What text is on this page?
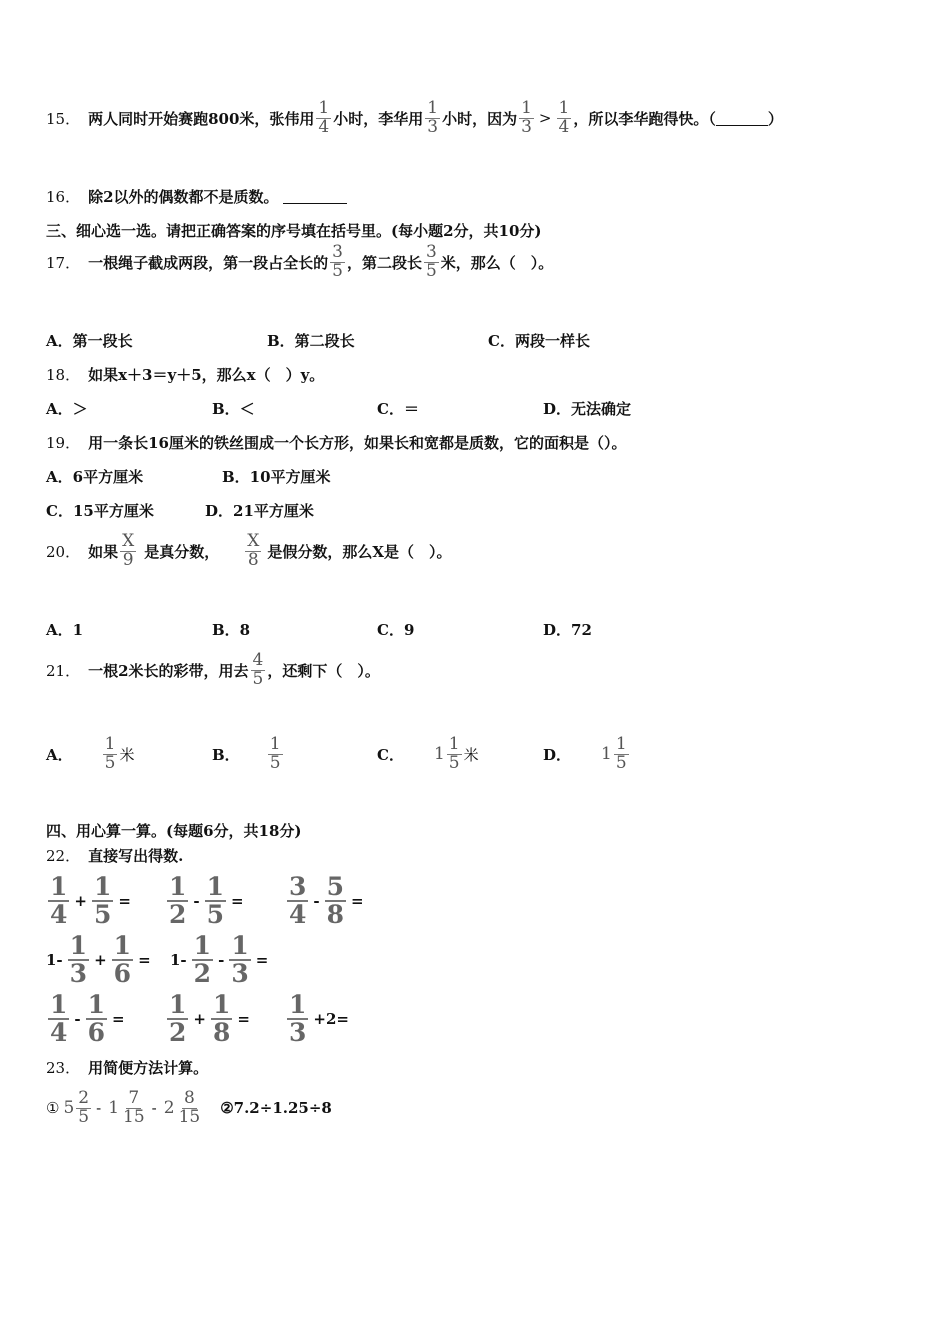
15． 两人同时开始赛跑800米，张伟用 $\frac{1}{4}$ 小时，李华用 $\frac{1}{3}$ 小时，因为 $\frac{1}{3} > \frac{1}{4}$ ，所以李华跑得快。（	）
16． 除2以外的偶数都不是质数。
三、细心选一选。请把正确答案的序号填在括号里。(每小题2分，共10分)
17． 一根绳子截成两段，第一段占全长的 $\frac{3}{5}$ ，第二段长 $\frac{3}{5}$ 米，那么（　）。
A．第一段长	B．第二段长	C．两段一样长
18． 如果x＋3＝y＋5，那么x（　）y。
A．＞	B．＜	C．＝	D．无法确定
19． 用一条长16厘米的铁丝围成一个长方形，如果长和宽都是质数，它的面积是（）。
A．6平方厘米	B．10平方厘米
C．15平方厘米	D．21平方厘米
20． 如果 $\frac{X}{9}$ 是真分数， $\frac{X}{8}$ 是假分数，那么X是（　）。
A．1	B．8	C．9	D．72
21． 一根2米长的彩带，用去 $\frac{4}{5}$ ，还剩下（　）。
A． $\frac{1}{5}$ 米	B． $\frac{1}{5}$	C． $1 \frac{1}{5}$ 米	D． $1 \frac{1}{5}$
四、用心算一算。(每题6分，共18分)
22． 直接写出得数.
$\frac{1}{4} + \frac{1}{5} = \frac{1}{2} - \frac{1}{5} = \frac{3}{4} - \frac{5}{8}$ =
$1- \frac{1}{3} + \frac{1}{6} = 1- \frac{1}{2} - \frac{1}{3}$ =
$\frac{1}{4} - \frac{1}{6} = \frac{1}{2} + \frac{1}{8} = \frac{1}{3} +2=$
23． 用简便方法计算。
① $5 \frac{2}{5} - 1 \frac{7}{15} - 2 \frac{8}{15}$ ②7.2÷1.25÷8
